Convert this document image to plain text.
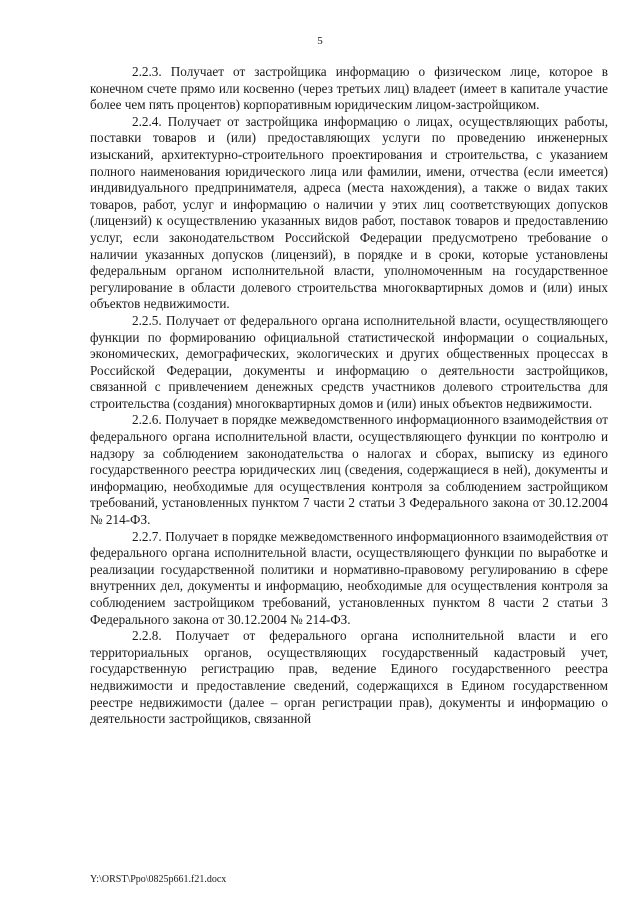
5

2.2.3. Получает от застройщика информацию о физическом лице, которое в конечном счете прямо или косвенно (через третьих лиц) владеет (имеет в капитале участие более чем пять процентов) корпоративным юридическим лицом-застройщиком.

2.2.4. Получает от застройщика информацию о лицах, осуществляющих работы, поставки товаров и (или) предоставляющих услуги по проведению инженерных изысканий, архитектурно-строительного проектирования и строительства, с указанием полного наименования юридического лица или фамилии, имени, отчества (если имеется) индивидуального предпринимателя, адреса (места нахождения), а также о видах таких товаров, работ, услуг и информацию о наличии у этих лиц соответствующих допусков (лицензий) к осуществлению указанных видов работ, поставок товаров и предоставлению услуг, если законодательством Российской Федерации предусмотрено требование о наличии указанных допусков (лицензий), в порядке и в сроки, которые установлены федеральным органом исполнительной власти, уполномоченным на государственное регулирование в области долевого строительства многоквартирных домов и (или) иных объектов недвижимости.

2.2.5. Получает от федерального органа исполнительной власти, осуществляющего функции по формированию официальной статистической информации о социальных, экономических, демографических, экологических и других общественных процессах в Российской Федерации, документы и информацию о деятельности застройщиков, связанной с привлечением денежных средств участников долевого строительства для строительства (создания) многоквартирных домов и (или) иных объектов недвижимости.

2.2.6. Получает в порядке межведомственного информационного взаимодействия от федерального органа исполнительной власти, осуществляющего функции по контролю и надзору за соблюдением законодательства о налогах и сборах, выписку из единого государственного реестра юридических лиц (сведения, содержащиеся в ней), документы и информацию, необходимые для осуществления контроля за соблюдением застройщиком требований, установленных пунктом 7 части 2 статьи 3 Федерального закона от 30.12.2004 № 214-ФЗ.

2.2.7. Получает в порядке межведомственного информационного взаимодействия от федерального органа исполнительной власти, осуществляющего функции по выработке и реализации государственной политики и нормативно-правовому регулированию в сфере внутренних дел, документы и информацию, необходимые для осуществления контроля за соблюдением застройщиком требований, установленных пунктом 8 части 2 статьи 3 Федерального закона от 30.12.2004 № 214-ФЗ.

2.2.8. Получает от федерального органа исполнительной власти и его территориальных органов, осуществляющих государственный кадастровый учет, государственную регистрацию прав, ведение Единого государственного реестра недвижимости и предоставление сведений, содержащихся в Едином государственном реестре недвижимости (далее – орган регистрации прав), документы и информацию о деятельности застройщиков, связанной

Y:\ORST\Ppo\0825p661.f21.docx
